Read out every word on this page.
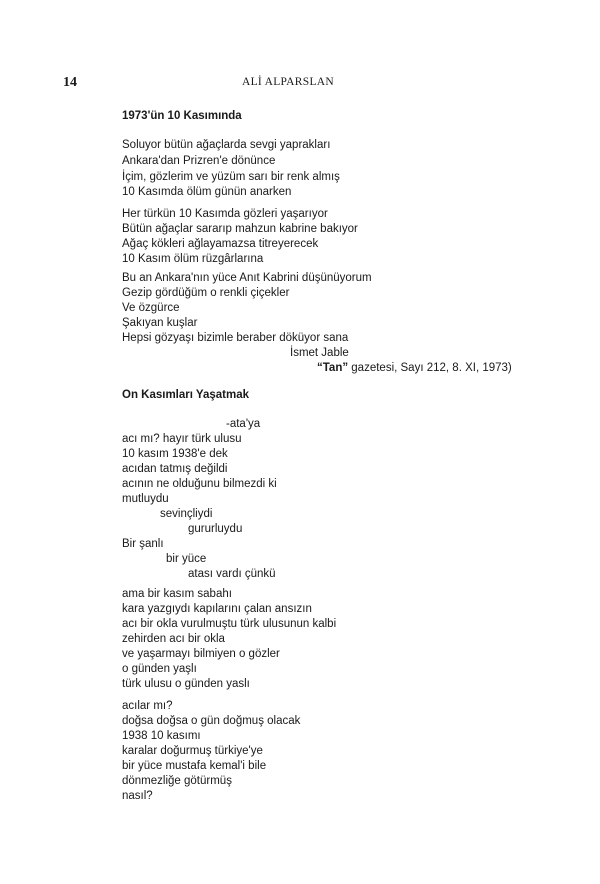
14	ALİ ALPARSLAN
1973'ün 10 Kasımında
Soluyor bütün ağaçlarda sevgi yaprakları
Ankara'dan Prizren'e dönünce
İçim, gözlerim ve yüzüm sarı bir renk almış
10 Kasımda ölüm günün anarken
Her türkün 10 Kasımda gözleri yaşarıyor
Bütün ağaçlar sararıp mahzun kabrine bakıyor
Ağaç kökleri ağlayamazsa titreyerecek
10 Kasım ölüm rüzgârlarına
Bu an Ankara'nın yüce Anıt Kabrini düşünüyorum
Gezip gördüğüm o renkli çiçekler
Ve özgürce
Şakıyan kuşlar
Hepsi gözyaşı bizimle beraber döküyor sana
İsmet Jable
“Tan” gazetesi, Sayı 212, 8. XI, 1973)
On Kasımları Yaşatmak
-ata'ya
acı mı? hayır türk ulusu
10 kasım 1938'e dek
acıdan tatmış değildi
acının ne olduğunu bilmezdi ki
mutluydu
sevinçliydi
gururluydu
Bir şanlı
bir yüce
atası vardı çünkü
ama bir kasım sabahı
kara yazgıydı kapılarını çalan ansızın
acı bir okla vurulmuştu türk ulusunun kalbi
zehirden acı bir okla
ve yaşarmayı bilmiyen o gözler
o günden yaşlı
türk ulusu o günden yaslı
acılar mı?
doğsa doğsa o gün doğmuş olacak
1938 10 kasımı
karalar doğurmuş türkiye'ye
bir yüce mustafa kemal'i bile
dönmezliğe götürmüş
nasıl?
